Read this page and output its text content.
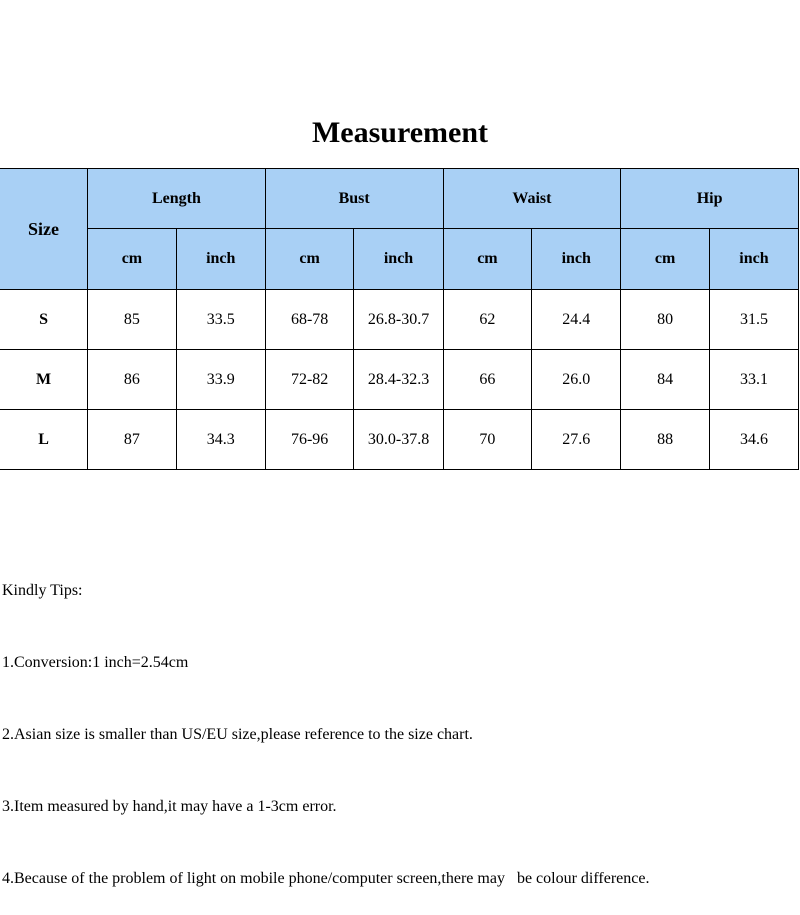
Measurement
Size	Length		Bust		Waist		Hip	
	cm	inch	cm	inch	cm	inch	cm	inch
S	85	33.5	68-78	26.8-30.7	62	24.4	80	31.5
M	86	33.9	72-82	28.4-32.3	66	26.0	84	33.1
L	87	34.3	76-96	30.0-37.8	70	27.6	88	34.6

Kindly Tips:

1.Conversion:1 inch=2.54cm

2.Asian size is smaller than US/EU size,please reference to the size chart.

3.Item measured by hand,it may have a 1-3cm error.

4.Because of the problem of light on mobile phone/computer screen,there may   be colour difference.
